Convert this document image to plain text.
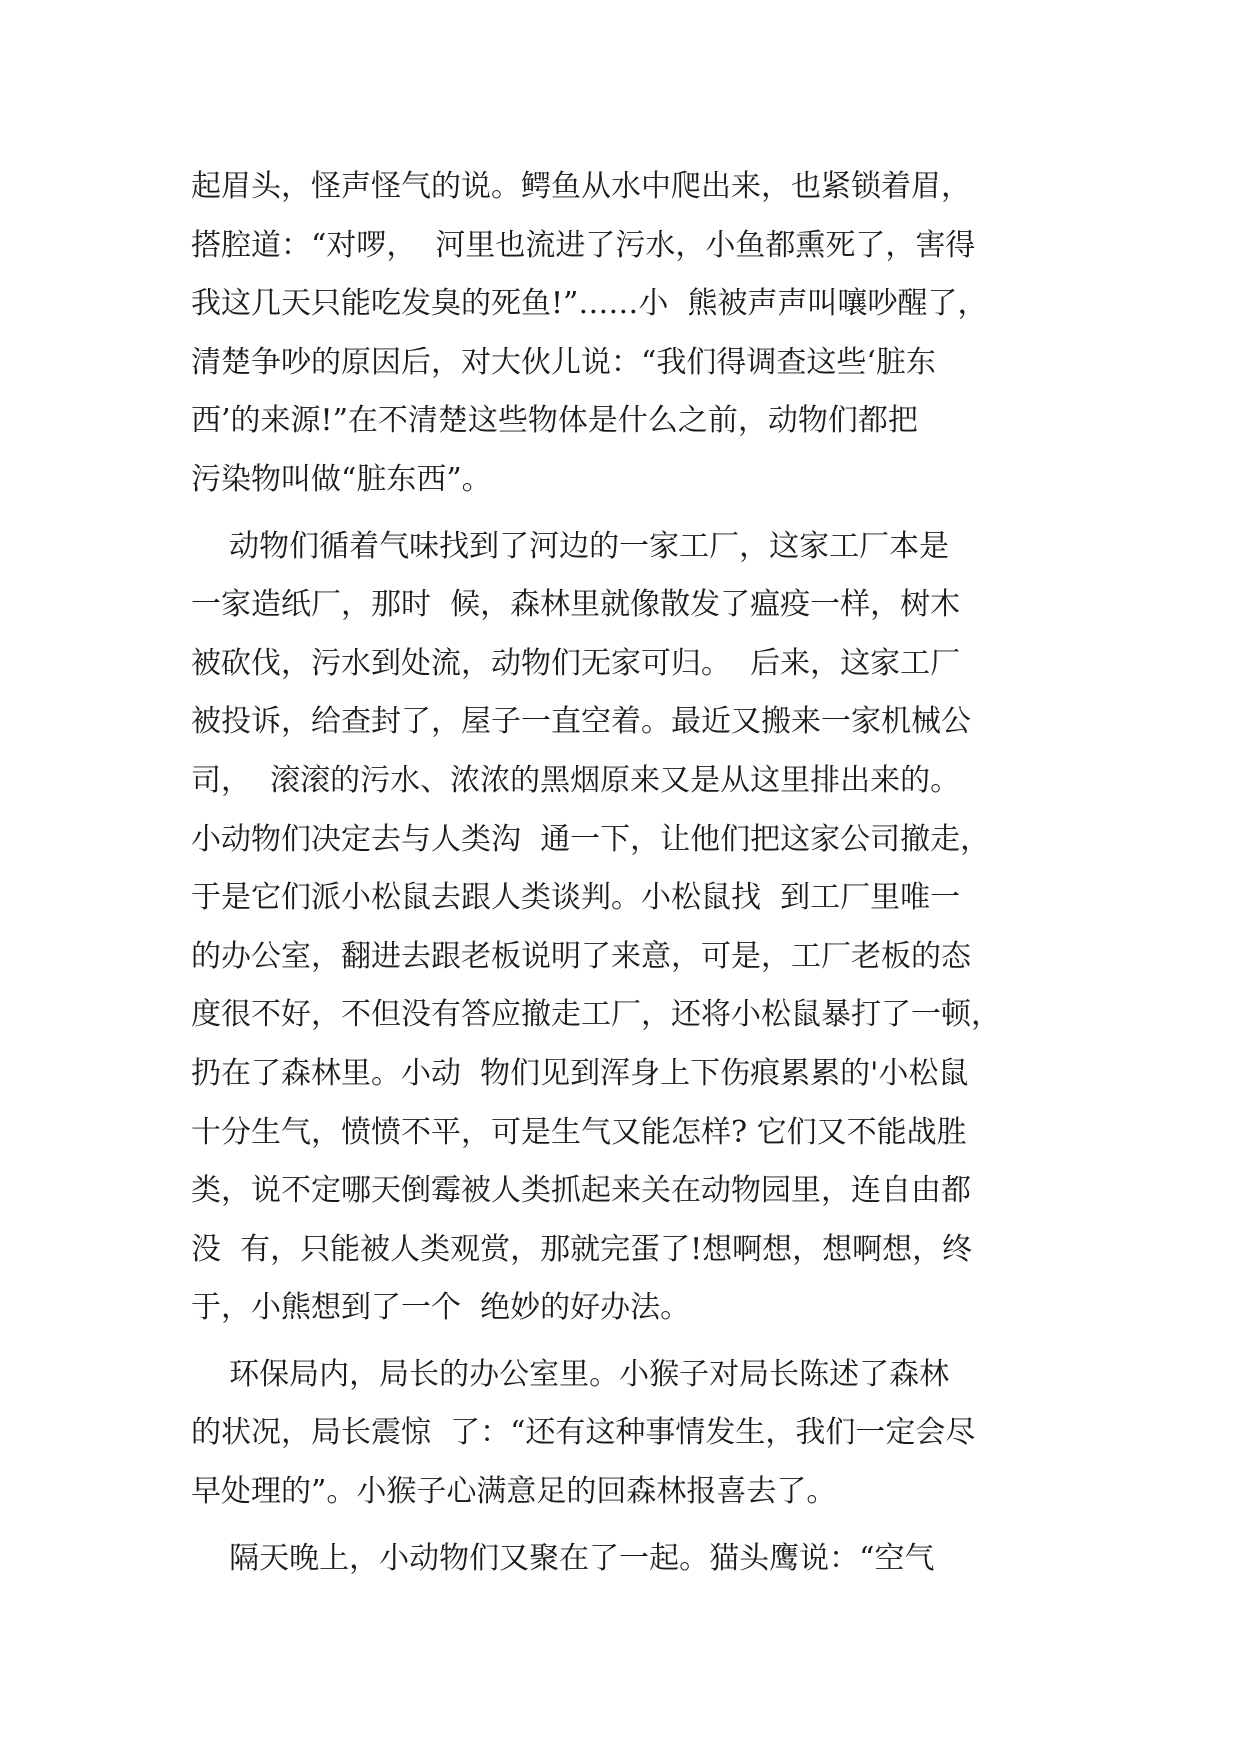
起眉头，怪声怪气的说。鳄鱼从水中爬出来，也紧锁着眉，
搭腔道：“对啰，  河里也流进了污水，小鱼都熏死了，害得
我这几天只能吃发臭的死鱼!”……小  熊被声声叫嚷吵醒了，
清楚争吵的原因后，对大伙儿说：“我们得调查这些‘脏东
西’的来源!”在不清楚这些物体是什么之前，动物们都把
污染物叫做“脏东西”。
动物们循着气味找到了河边的一家工厂，这家工厂本是
一家造纸厂，那时  候，森林里就像散发了瘟疫一样，树木
被砍伐，污水到处流，动物们无家可归。  后来，这家工厂
被投诉，给查封了，屋子一直空着。最近又搬来一家机械公
司，  滚滚的污水、浓浓的黑烟原来又是从这里排出来的。
小动物们决定去与人类沟  通一下，让他们把这家公司撤走，
于是它们派小松鼠去跟人类谈判。小松鼠找  到工厂里唯一
的办公室，翻进去跟老板说明了来意，可是，工厂老板的态
度很不好，不但没有答应撤走工厂，还将小松鼠暴打了一顿，
扔在了森林里。小动  物们见到浑身上下伤痕累累的'小松鼠
十分生气，愤愤不平，可是生气又能怎样? 它们又不能战胜
类，说不定哪天倒霉被人类抓起来关在动物园里，连自由都
没  有，只能被人类观赏，那就完蛋了!想啊想，想啊想，终
于，小熊想到了一个  绝妙的好办法。
环保局内，局长的办公室里。小猴子对局长陈述了森林
的状况，局长震惊  了：“还有这种事情发生，我们一定会尽
早处理的”。小猴子心满意足的回森林报喜去了。
隔天晚上，小动物们又聚在了一起。猫头鹰说：“空气
